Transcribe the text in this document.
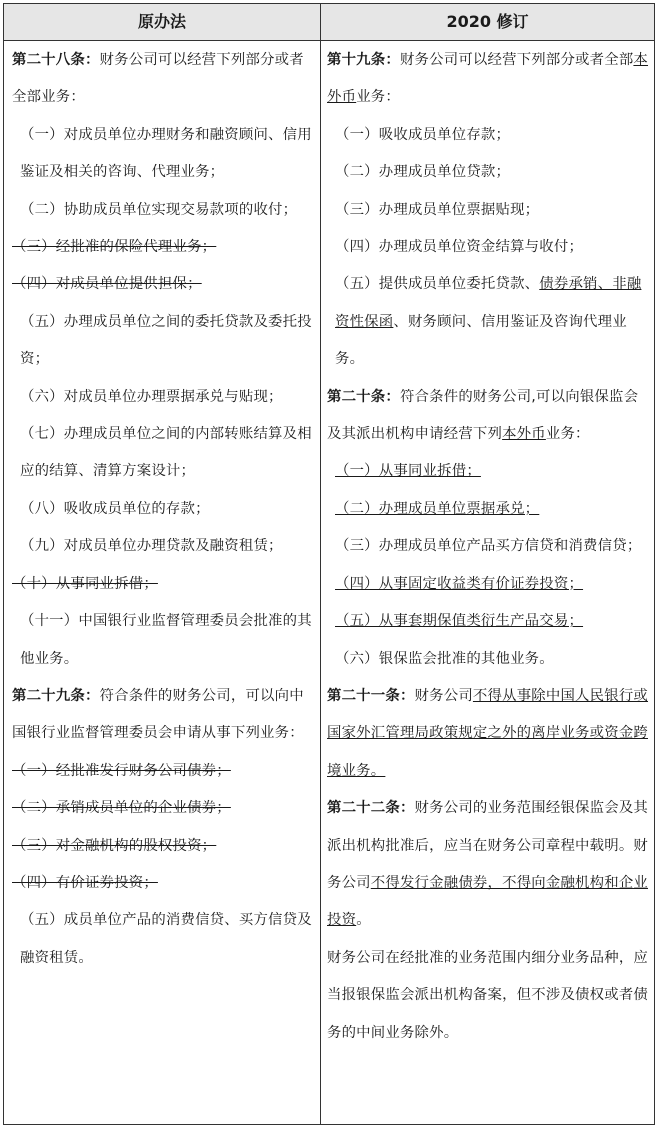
原办法	2020 修订

第二十八条：财务公司可以经营下列部分或者全部业务：

（一）对成员单位办理财务和融资顾问、信用鉴证及相关的咨询、代理业务；

（二）协助成员单位实现交易款项的收付；

（三）经批准的保险代理业务；

（四）对成员单位提供担保；

（五）办理成员单位之间的委托贷款及委托投资；

（六）对成员单位办理票据承兑与贴现；

（七）办理成员单位之间的内部转账结算及相应的结算、清算方案设计；

（八）吸收成员单位的存款；

（九）对成员单位办理贷款及融资租赁；

（十）从事同业拆借；

（十一）中国银行业监督管理委员会批准的其他业务。

第二十九条：符合条件的财务公司，可以向中国银行业监督管理委员会申请从事下列业务：

（一）经批准发行财务公司债券；

（二）承销成员单位的企业债券；

（三）对金融机构的股权投资；

（四）有价证券投资；

（五）成员单位产品的消费信贷、买方信贷及融资租赁。

第十九条：财务公司可以经营下列部分或者全部本外币业务：

（一）吸收成员单位存款；

（二）办理成员单位贷款；

（三）办理成员单位票据贴现；

（四）办理成员单位资金结算与收付；

（五）提供成员单位委托贷款、债券承销、非融资性保函、财务顾问、信用鉴证及咨询代理业务。

第二十条：符合条件的财务公司,可以向银保监会及其派出机构申请经营下列本外币业务：

（一）从事同业拆借；

（二）办理成员单位票据承兑；

（三）办理成员单位产品买方信贷和消费信贷；

（四）从事固定收益类有价证券投资；

（五）从事套期保值类衍生产品交易；

（六）银保监会批准的其他业务。

第二十一条：财务公司不得从事除中国人民银行或国家外汇管理局政策规定之外的离岸业务或资金跨境业务。

第二十二条：财务公司的业务范围经银保监会及其派出机构批准后，应当在财务公司章程中载明。财务公司不得发行金融债券，不得向金融机构和企业投资。

财务公司在经批准的业务范围内细分业务品种，应当报银保监会派出机构备案，但不涉及债权或者债务的中间业务除外。
